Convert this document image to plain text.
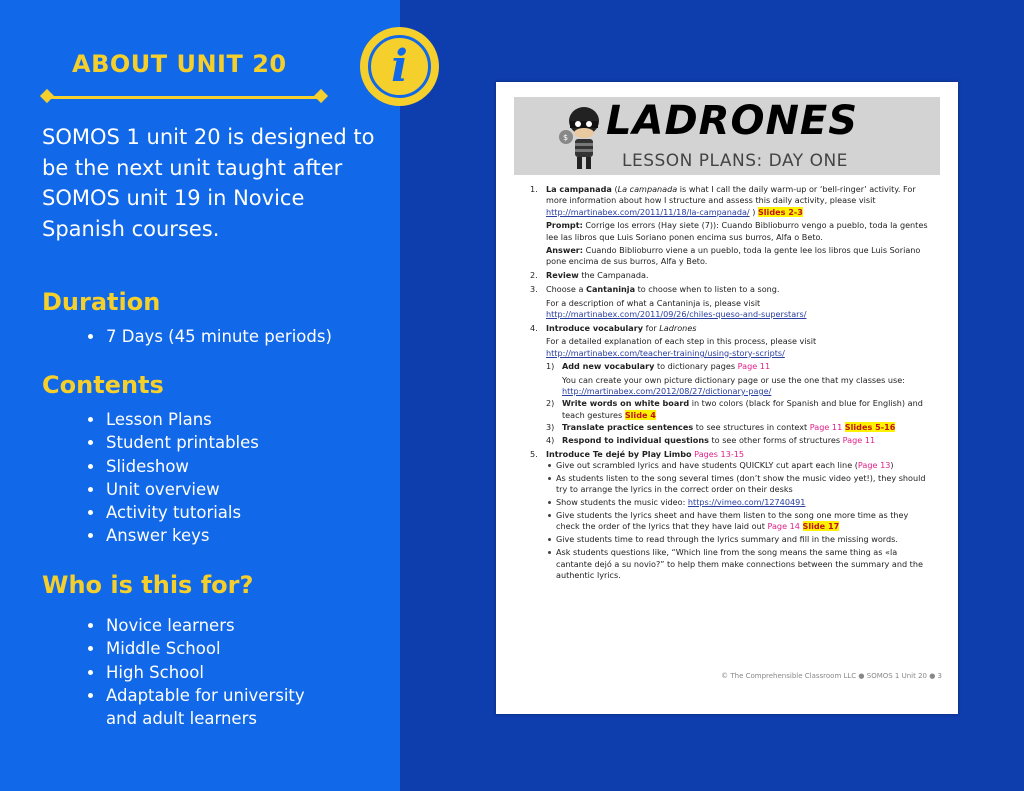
ABOUT UNIT 20
SOMOS 1 unit 20 is designed to be the next unit taught after SOMOS unit 19 in Novice Spanish courses.
Duration
7 Days (45 minute periods)
Contents
Lesson Plans
Student printables
Slideshow
Unit overview
Activity tutorials
Answer keys
Who is this for?
Novice learners
Middle School
High School
Adaptable for university
and adult learners
i
$ LADRONES
LESSON PLANS: DAY ONE
1. La campanada (La campanada is what I call the daily warm-up or ‘bell-ringer’ activity. For more information about how I structure and assess this daily activity, please visit http://martinabex.com/2011/11/18/la-campanada/ ) Slides 2-3
Prompt: Corrige los errors (Hay siete (7)): Cuando Biblioburro vengo a pueblo, toda la gentes lee las libros que Luis Soriano ponen encima sus burros, Alfa o Beto.
Answer: Cuando Biblioburro viene a un pueblo, toda la gente lee los libros que Luis Soriano pone encima de sus burros, Alfa y Beto.
2. Review the Campanada.
3. Choose a Cantaninja to choose when to listen to a song.
For a description of what a Cantaninja is, please visit http://martinabex.com/2011/09/26/chiles-queso-and-superstars/
4. Introduce vocabulary for Ladrones
For a detailed explanation of each step in this process, please visit http://martinabex.com/teacher-training/using-story-scripts/
1) Add new vocabulary to dictionary pages Page 11
You can create your own picture dictionary page or use the one that my classes use: http://martinabex.com/2012/08/27/dictionary-page/
2) Write words on white board in two colors (black for Spanish and blue for English) and teach gestures Slide 4
3) Translate practice sentences to see structures in context Page 11 Slides 5-16
4) Respond to individual questions to see other forms of structures Page 11
5. Introduce Te dejé by Play Limbo Pages 13-15
Give out scrambled lyrics and have students QUICKLY cut apart each line (Page 13)
As students listen to the song several times (don’t show the music video yet!), they should try to arrange the lyrics in the correct order on their desks
Show students the music video: https://vimeo.com/12740491
Give students the lyrics sheet and have them listen to the song one more time as they check the order of the lyrics that they have laid out Page 14 Slide 17
Give students time to read through the lyrics summary and fill in the missing words.
Ask students questions like, “Which line from the song means the same thing as «la cantante dejó a su novio?” to help them make connections between the summary and the authentic lyrics.
© The Comprehensible Classroom LLC ● SOMOS 1 Unit 20 ● 3
